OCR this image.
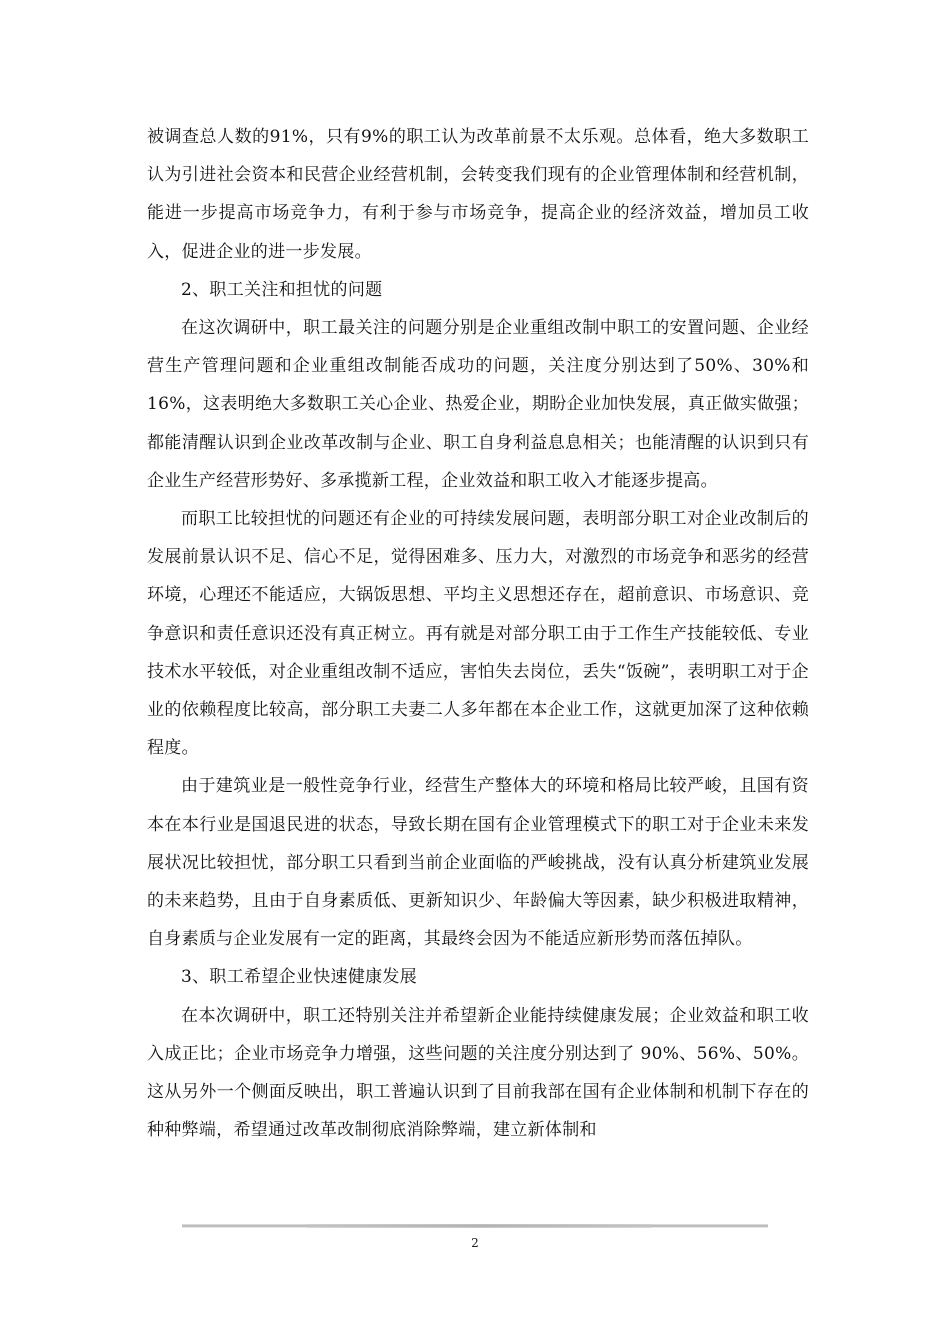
被调查总人数的91%，只有9%的职工认为改革前景不太乐观。总体看，绝大多数职工认为引进社会资本和民营企业经营机制，会转变我们现有的企业管理体制和经营机制，能进一步提高市场竞争力，有利于参与市场竞争，提高企业的经济效益，增加员工收入，促进企业的进一步发展。

2、职工关注和担忧的问题

在这次调研中，职工最关注的问题分别是企业重组改制中职工的安置问题、企业经营生产管理问题和企业重组改制能否成功的问题，关注度分别达到了50%、30%和 16%，这表明绝大多数职工关心企业、热爱企业，期盼企业加快发展，真正做实做强；都能清醒认识到企业改革改制与企业、职工自身利益息息相关；也能清醒的认识到只有企业生产经营形势好、多承揽新工程，企业效益和职工收入才能逐步提高。

而职工比较担忧的问题还有企业的可持续发展问题，表明部分职工对企业改制后的发展前景认识不足、信心不足，觉得困难多、压力大，对激烈的市场竞争和恶劣的经营环境，心理还不能适应，大锅饭思想、平均主义思想还存在，超前意识、市场意识、竞争意识和责任意识还没有真正树立。再有就是对部分职工由于工作生产技能较低、专业技术水平较低，对企业重组改制不适应，害怕失去岗位，丢失“饭碗”，表明职工对于企业的依赖程度比较高，部分职工夫妻二人多年都在本企业工作，这就更加深了这种依赖程度。

由于建筑业是一般性竞争行业，经营生产整体大的环境和格局比较严峻，且国有资本在本行业是国退民进的状态，导致长期在国有企业管理模式下的职工对于企业未来发展状况比较担忧，部分职工只看到当前企业面临的严峻挑战，没有认真分析建筑业发展的未来趋势，且由于自身素质低、更新知识少、年龄偏大等因素，缺少积极进取精神，自身素质与企业发展有一定的距离，其最终会因为不能适应新形势而落伍掉队。

3、职工希望企业快速健康发展

在本次调研中，职工还特别关注并希望新企业能持续健康发展；企业效益和职工收入成正比；企业市场竞争力增强，这些问题的关注度分别达到了 90%、56%、50%。这从另外一个侧面反映出，职工普遍认识到了目前我部在国有企业体制和机制下存在的种种弊端，希望通过改革改制彻底消除弊端，建立新体制和

2
